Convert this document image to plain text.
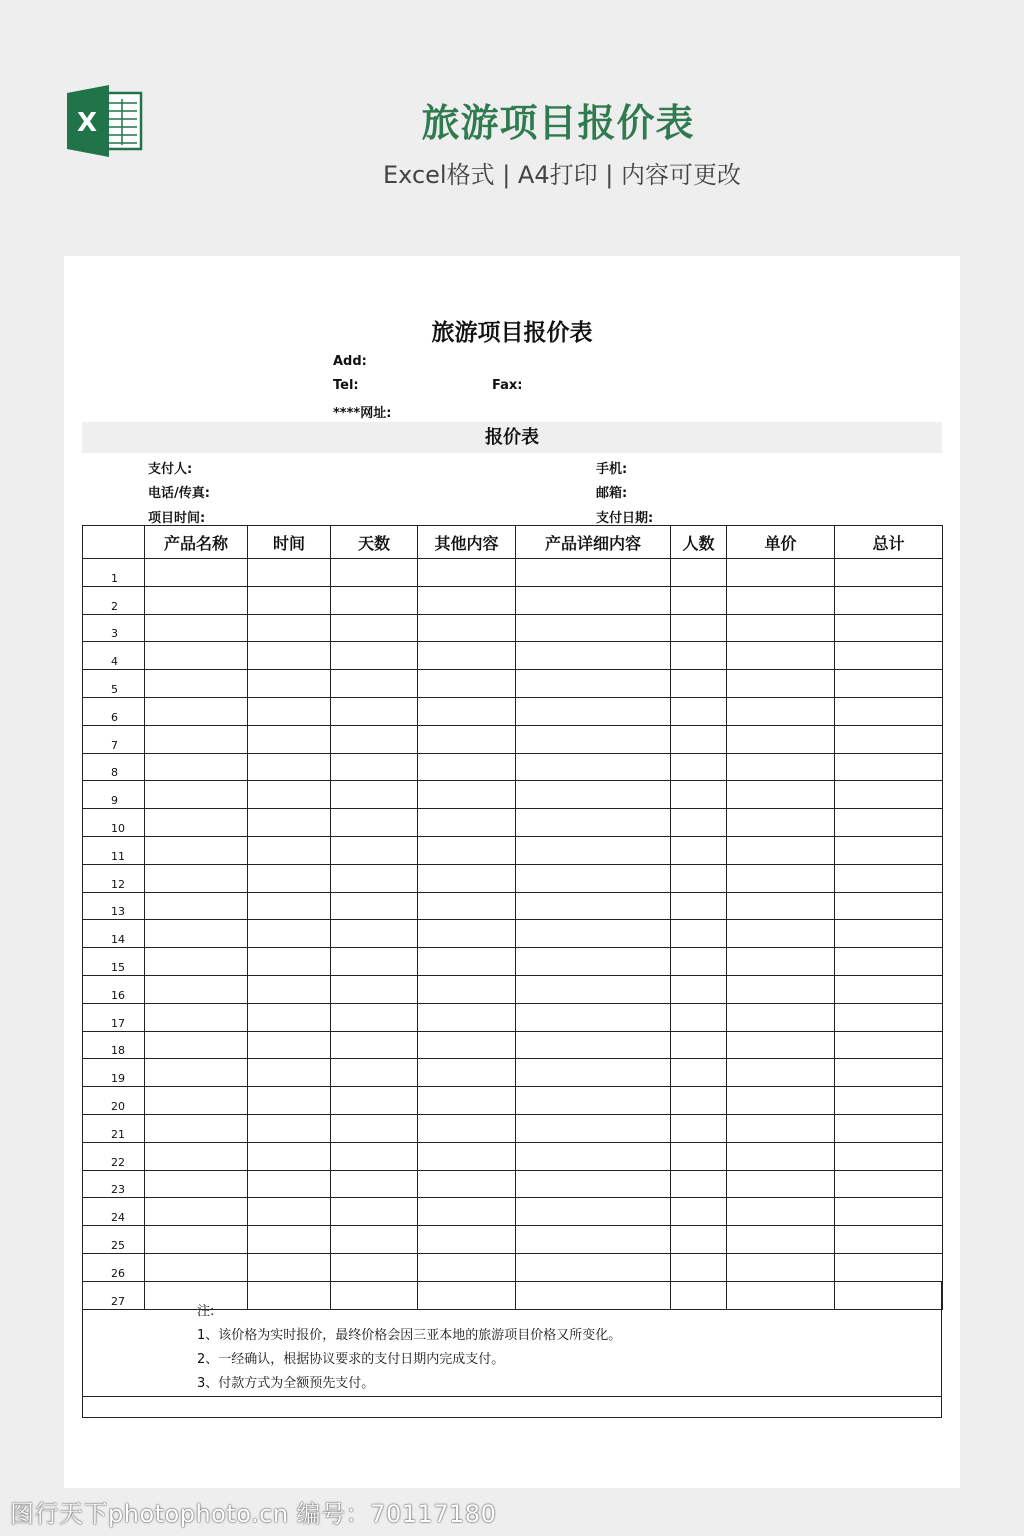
X	旅游项目报价表
Excel格式 | A4打印 | 内容可更改
旅游项目报价表
Add:
Tel:	Fax:
****网址:
报价表
支付人:	手机:
电话/传真:	邮箱:
项目时间:	支付日期:
	产品名称	时间	天数	其他内容	产品详细内容	人数	单价	总计
1								
2								
3								
4								
5								
6								
7								
8								
9								
10								
11								
12								
13								
14								
15								
16								
17								
18								
19								
20								
21								
22								
23								
24								
25								
26								
27								
注:
1、该价格为实时报价，最终价格会因三亚本地的旅游项目价格又所变化。
2、一经确认，根据协议要求的支付日期内完成支付。
3、付款方式为全额预先支付。
图行天下photophoto.cn 编号：70117180
